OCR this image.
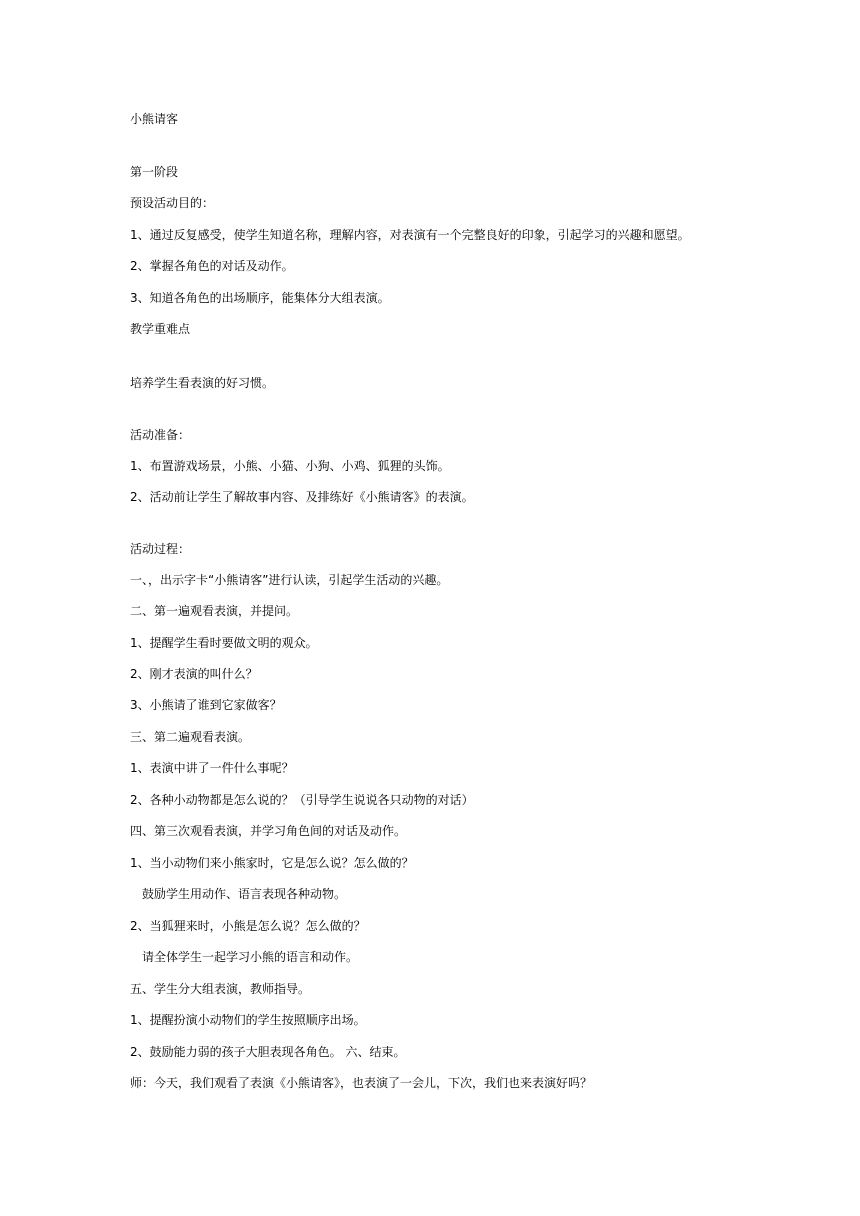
小熊请客
第一阶段
预设活动目的：
1、通过反复感受，使学生知道名称，理解内容，对表演有一个完整良好的印象，引起学习的兴趣和愿望。
2、掌握各角色的对话及动作。
3、知道各角色的出场顺序，能集体分大组表演。
教学重难点
培养学生看表演的好习惯。
活动准备：
1、布置游戏场景，小熊、小猫、小狗、小鸡、狐狸的头饰。
2、活动前让学生了解故事内容、及排练好《小熊请客》的表演。
活动过程：
一、，出示字卡“小熊请客”进行认读，引起学生活动的兴趣。
二、第一遍观看表演，并提问。
1、提醒学生看时要做文明的观众。
2、刚才表演的叫什么？
3、小熊请了谁到它家做客？
三、第二遍观看表演。
1、表演中讲了一件什么事呢？
2、各种小动物都是怎么说的？（引导学生说说各只动物的对话）
四、第三次观看表演，并学习角色间的对话及动作。
1、当小动物们来小熊家时，它是怎么说？怎么做的？
鼓励学生用动作、语言表现各种动物。
2、当狐狸来时，小熊是怎么说？怎么做的？
请全体学生一起学习小熊的语言和动作。
五、学生分大组表演，教师指导。
1、提醒扮演小动物们的学生按照顺序出场。
2、鼓励能力弱的孩子大胆表现各角色。 六、结束。
师：今天，我们观看了表演《小熊请客》，也表演了一会儿，下次，我们也来表演好吗？
